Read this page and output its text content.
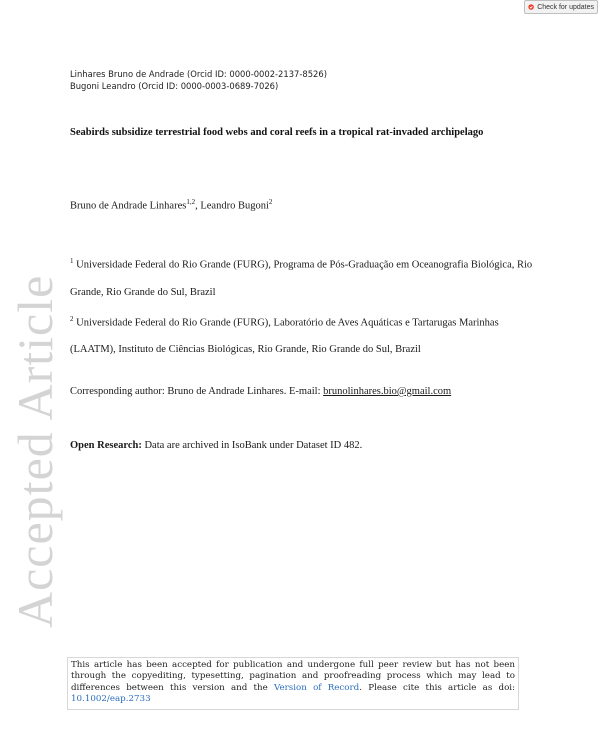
Check for updates
Accepted Article
Linhares Bruno de Andrade (Orcid ID: 0000-0002-2137-8526)
Bugoni Leandro (Orcid ID: 0000-0003-0689-7026)
Seabirds subsidize terrestrial food webs and coral reefs in a tropical rat-invaded archipelago
Bruno de Andrade Linhares$^{1,2}$, Leandro Bugoni$^2$
$^1$ Universidade Federal do Rio Grande (FURG), Programa de Pós-Graduação em Oceanografia Biológica, Rio Grande, Rio Grande do Sul, Brazil
$^2$ Universidade Federal do Rio Grande (FURG), Laboratório de Aves Aquáticas e Tartarugas Marinhas (LAATM), Instituto de Ciências Biológicas, Rio Grande, Rio Grande do Sul, Brazil
Corresponding author: Bruno de Andrade Linhares. E-mail: brunolinhares.bio@gmail.com
Open Research: Data are archived in IsoBank under Dataset ID 482.
This article has been accepted for publication and undergone full peer review but has not been through the copyediting, typesetting, pagination and proofreading process which may lead to differences between this version and the Version of Record. Please cite this article as doi: 10.1002/eap.2733
